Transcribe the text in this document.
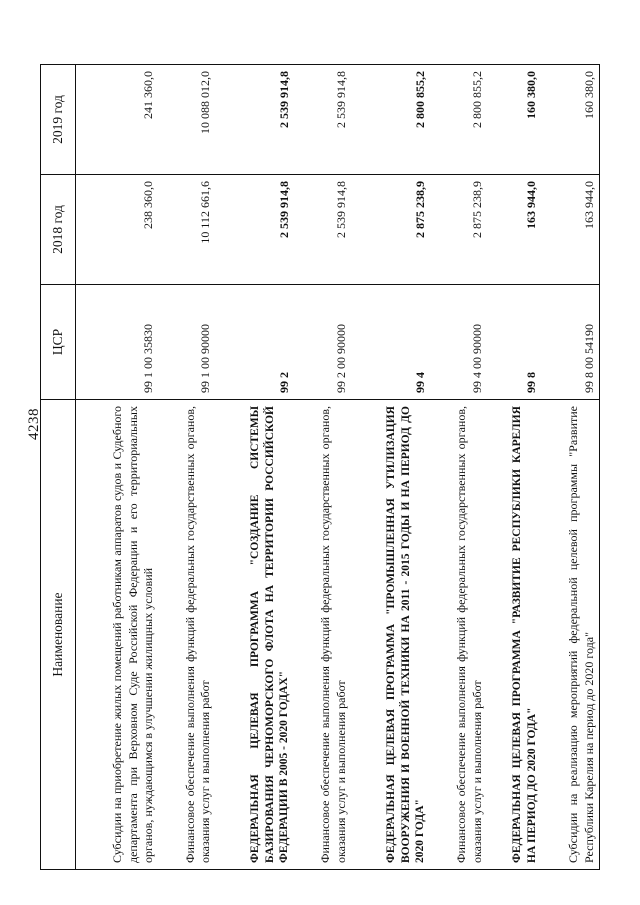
4238
Наименование	ЦСР	2018 год	2019 год
Субсидии на приобретение жилых помещений работникам аппаратов судов и Судебного департамента при Верховном Суде Российской Федерации и его территориальных органов, нуждающимся в улучшении жилищных условий	99 1 00 35830	238 360,0	241 360,0
Финансовое обеспечение выполнения функций федеральных государственных органов, оказания услуг и выполнения работ	99 1 00 90000	10 112 661,6	10 088 012,0
ФЕДЕРАЛЬНАЯ ЦЕЛЕВАЯ ПРОГРАММА "СОЗДАНИЕ СИСТЕМЫ БАЗИРОВАНИЯ ЧЕРНОМОРСКОГО ФЛОТА НА ТЕРРИТОРИИ РОССИЙСКОЙ ФЕДЕРАЦИИ В 2005 - 2020 ГОДАХ"	99 2	2 539 914,8	2 539 914,8
Финансовое обеспечение выполнения функций федеральных государственных органов, оказания услуг и выполнения работ	99 2 00 90000	2 539 914,8	2 539 914,8
ФЕДЕРАЛЬНАЯ ЦЕЛЕВАЯ ПРОГРАММА "ПРОМЫШЛЕННАЯ УТИЛИЗАЦИЯ ВООРУЖЕНИЯ И ВОЕННОЙ ТЕХНИКИ НА 2011 - 2015 ГОДЫ И НА ПЕРИОД ДО 2020 ГОДА"	99 4	2 875 238,9	2 800 855,2
Финансовое обеспечение выполнения функций федеральных государственных органов, оказания услуг и выполнения работ	99 4 00 90000	2 875 238,9	2 800 855,2
ФЕДЕРАЛЬНАЯ ЦЕЛЕВАЯ ПРОГРАММА "РАЗВИТИЕ РЕСПУБЛИКИ КАРЕЛИЯ НА ПЕРИОД ДО 2020 ГОДА"	99 8	163 944,0	160 380,0
Субсидии на реализацию мероприятий федеральной целевой программы "Развитие Республики Карелия на период до 2020 года"	99 8 00 54190	163 944,0	160 380,0
